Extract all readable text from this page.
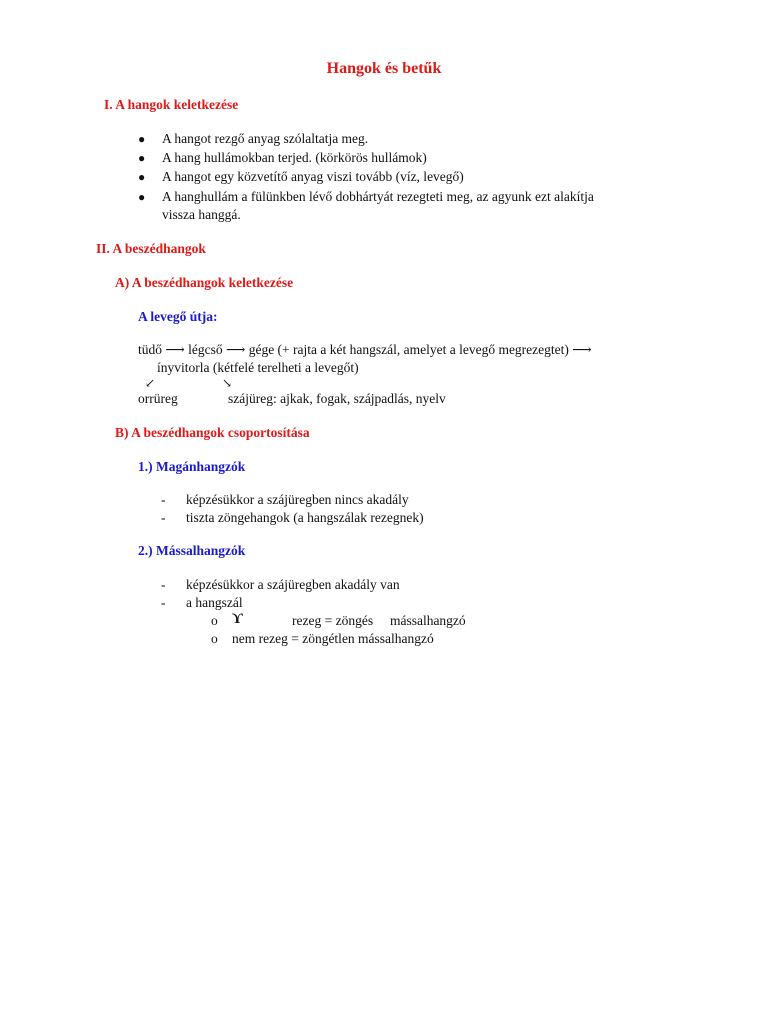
Hangok és betűk
I. A hangok keletkezése
● A hangot rezgő anyag szólaltatja meg.
● A hang hullámokban terjed. (körkörös hullámok)
● A hangot egy közvetítő anyag viszi tovább (víz, levegő)
● A hanghullám a fülünkben lévő dobhártyát rezegteti meg, az agyunk ezt alakítja
vissza hanggá.
II. A beszédhangok
A) A beszédhangok keletkezése
A levegő útja:
tüdő ⟶ légcső ⟶ gége (+ rajta a két hangszál, amelyet a levegő megrezegtet) ⟶
ínyvitorla (kétfelé terelheti a levegőt)
↙	↘
orrüreg	szájüreg: ajkak, fogak, szájpadlás, nyelv
B) A beszédhangok csoportosítása
1.) Magánhangzók
- képzésükkor a szájüregben nincs akadály
- tiszta zöngehangok (a hangszálak rezegnek)
2.) Mássalhangzók
- képzésükkor a szájüregben akadály van
- a hangszál
o ϒ	rezeg = zöngés     mássalhangzó
o nem rezeg = zöngétlen mássalhangzó
